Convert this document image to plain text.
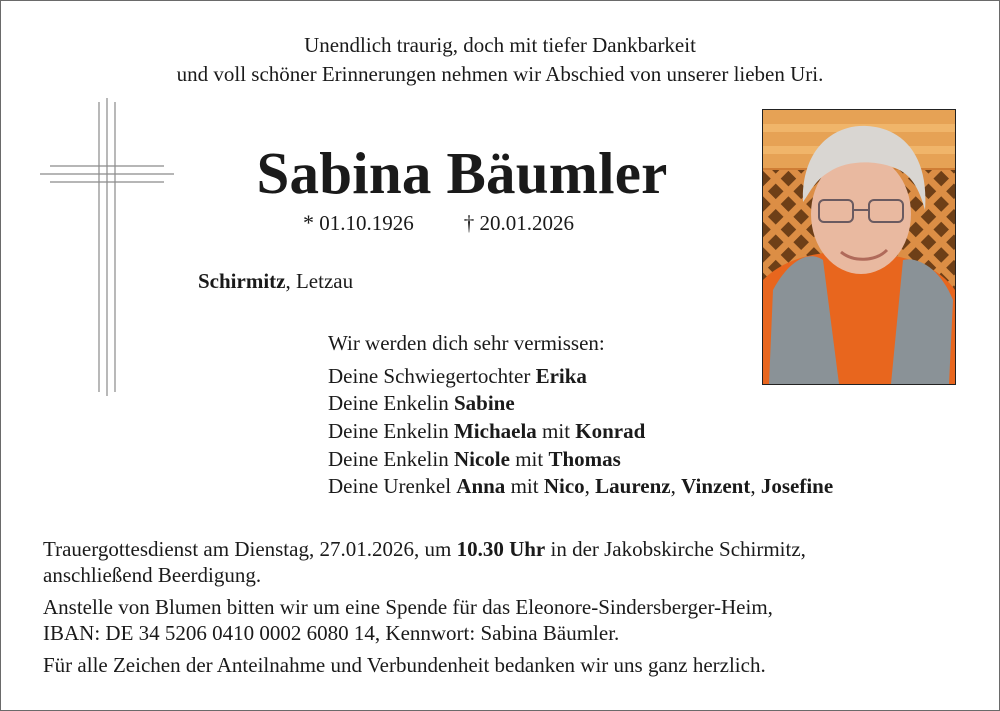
Unendlich traurig, doch mit tiefer Dankbarkeit
und voll schöner Erinnerungen nehmen wir Abschied von unserer lieben Uri.
Sabina Bäumler
* 01.10.1926 † 20.01.2026
Schirmitz, Letzau
Wir werden dich sehr vermissen:
Deine Schwiegertochter Erika
Deine Enkelin Sabine
Deine Enkelin Michaela mit Konrad
Deine Enkelin Nicole mit Thomas
Deine Urenkel Anna mit Nico, Laurenz, Vinzent, Josefine
Trauergottesdienst am Dienstag, 27.01.2026, um 10.30 Uhr in der Jakobskirche Schirmitz,
anschließend Beerdigung.
Anstelle von Blumen bitten wir um eine Spende für das Eleonore-Sindersberger-Heim,
IBAN: DE 34 5206 0410 0002 6080 14, Kennwort: Sabina Bäumler.
Für alle Zeichen der Anteilnahme und Verbundenheit bedanken wir uns ganz herzlich.
